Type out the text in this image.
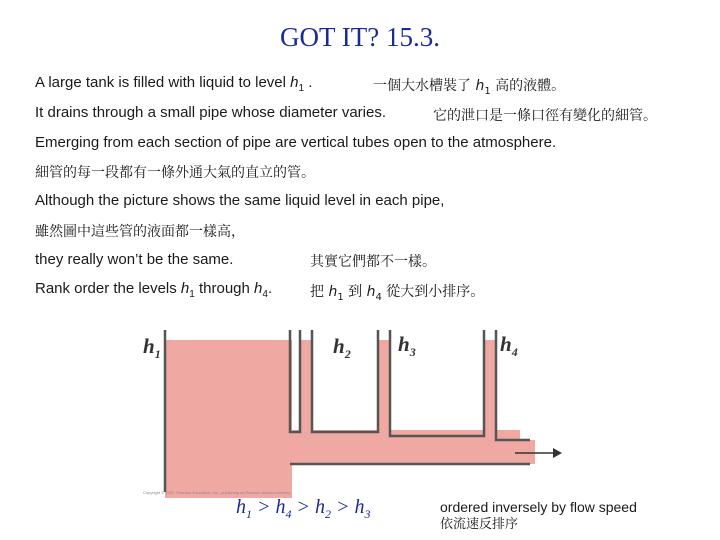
GOT IT? 15.3.
A large tank is filled with liquid to level $h_1$ .	一個大水槽裝了 $h_1$ 高的液體。
It drains through a small pipe whose diameter varies.	它的泄口是一條口徑有變化的細管。
Emerging from each section of pipe are vertical tubes open to the atmosphere.
細管的每一段都有一條外通大氣的直立的管。
Although the picture shows the same liquid level in each pipe,
雖然圖中這些管的液面都一樣高，
they really won’t be the same.	其實它們都不一樣。
Rank order the levels $h_1$ through $h_4$.	把 $h_1$ 到 $h_4$ 從大到小排序。
$h_1$	$h_2$ $h_3$	$h_4$
Copyright © 2007, Pearson Education, Inc., publishing as Pearson Addison-Wesley.
$h_1 > h_4 > h_2 > h_3$	ordered inversely by flow speed
依流速反排序
